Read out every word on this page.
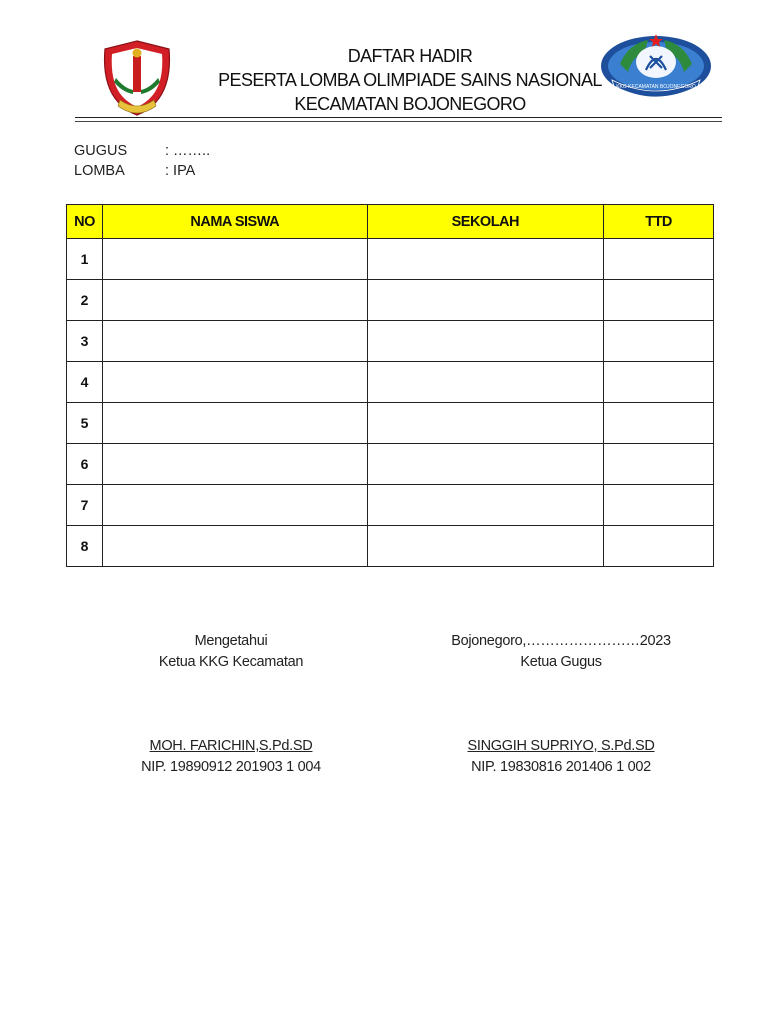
KKG KECAMATAN BOJONEGORO
DAFTAR HADIR
PESERTA LOMBA OLIMPIADE SAINS NASIONAL
KECAMATAN BOJONEGORO
GUGUS	: ……..
LOMBA	: IPA
NO	NAMA SISWA	SEKOLAH	TTD
1			
2			
3			
4			
5			
6			
7			
8			
Mengetahui
Ketua KKG Kecamatan
MOH. FARICHIN,S.Pd.SD
NIP. 19890912 201903 1 004
Bojonegoro,……………………2023
Ketua Gugus
SINGGIH SUPRIYO, S.Pd.SD
NIP. 19830816 201406 1 002
